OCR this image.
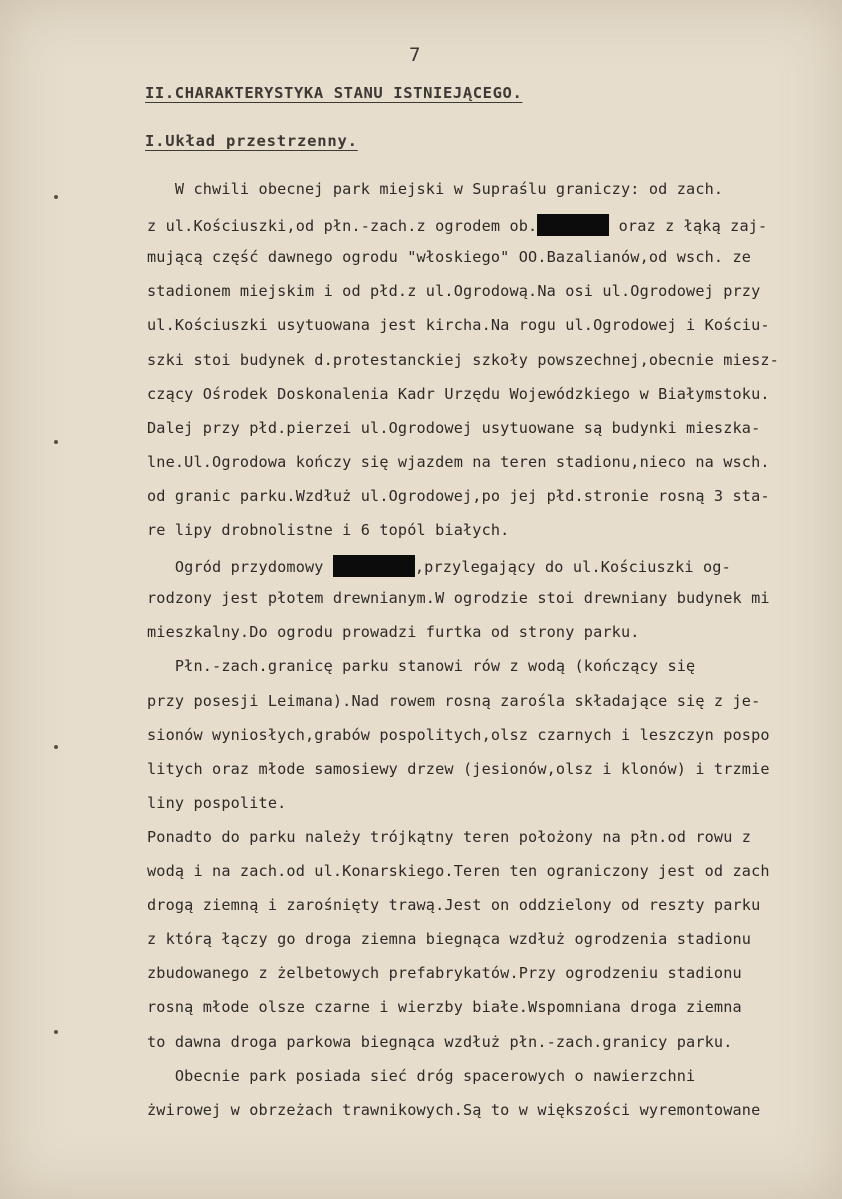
7
II.CHARAKTERYSTYKA STANU ISTNIEJĄCEGO.
I.Układ przestrzenny.
W chwili obecnej park miejski w Supraślu graniczy: od zach.
z ul.Kościuszki,od płn.-zach.z ogrodem ob.	oraz z łąką zaj-
mującą część dawnego ogrodu "włoskiego" OO.Bazalianów,od wsch. ze
stadionem miejskim i od płd.z ul.Ogrodową.Na osi ul.Ogrodowej przy
ul.Kościuszki usytuowana jest kircha.Na rogu ul.Ogrodowej i Kościu-
szki stoi budynek d.protestanckiej szkoły powszechnej,obecnie miesz-
czący Ośrodek Doskonalenia Kadr Urzędu Wojewódzkiego w Białymstoku.
Dalej przy płd.pierzei ul.Ogrodowej usytuowane są budynki mieszka-
lne.Ul.Ogrodowa kończy się wjazdem na teren stadionu,nieco na wsch.
od granic parku.Wzdłuż ul.Ogrodowej,po jej płd.stronie rosną 3 sta-
re lipy drobnolistne i 6 topól białych.
Ogród przydomowy	,przylegający do ul.Kościuszki og-
rodzony jest płotem drewnianym.W ogrodzie stoi drewniany budynek mi
mieszkalny.Do ogrodu prowadzi furtka od strony parku.
Płn.-zach.granicę parku stanowi rów z wodą (kończący się
przy posesji Leimana).Nad rowem rosną zarośla składające się z je-
sionów wyniosłych,grabów pospolitych,olsz czarnych i leszczyn pospo
litych oraz młode samosiewy drzew (jesionów,olsz i klonów) i trzmie
liny pospolite.
Ponadto do parku należy trójkątny teren położony na płn.od rowu z
wodą i na zach.od ul.Konarskiego.Teren ten ograniczony jest od zach
drogą ziemną i zarośnięty trawą.Jest on oddzielony od reszty parku
z którą łączy go droga ziemna biegnąca wzdłuż ogrodzenia stadionu
zbudowanego z żelbetowych prefabrykatów.Przy ogrodzeniu stadionu
rosną młode olsze czarne i wierzby białe.Wspomniana droga ziemna
to dawna droga parkowa biegnąca wzdłuż płn.-zach.granicy parku.
Obecnie park posiada sieć dróg spacerowych o nawierzchni
żwirowej w obrzeżach trawnikowych.Są to w większości wyremontowane
